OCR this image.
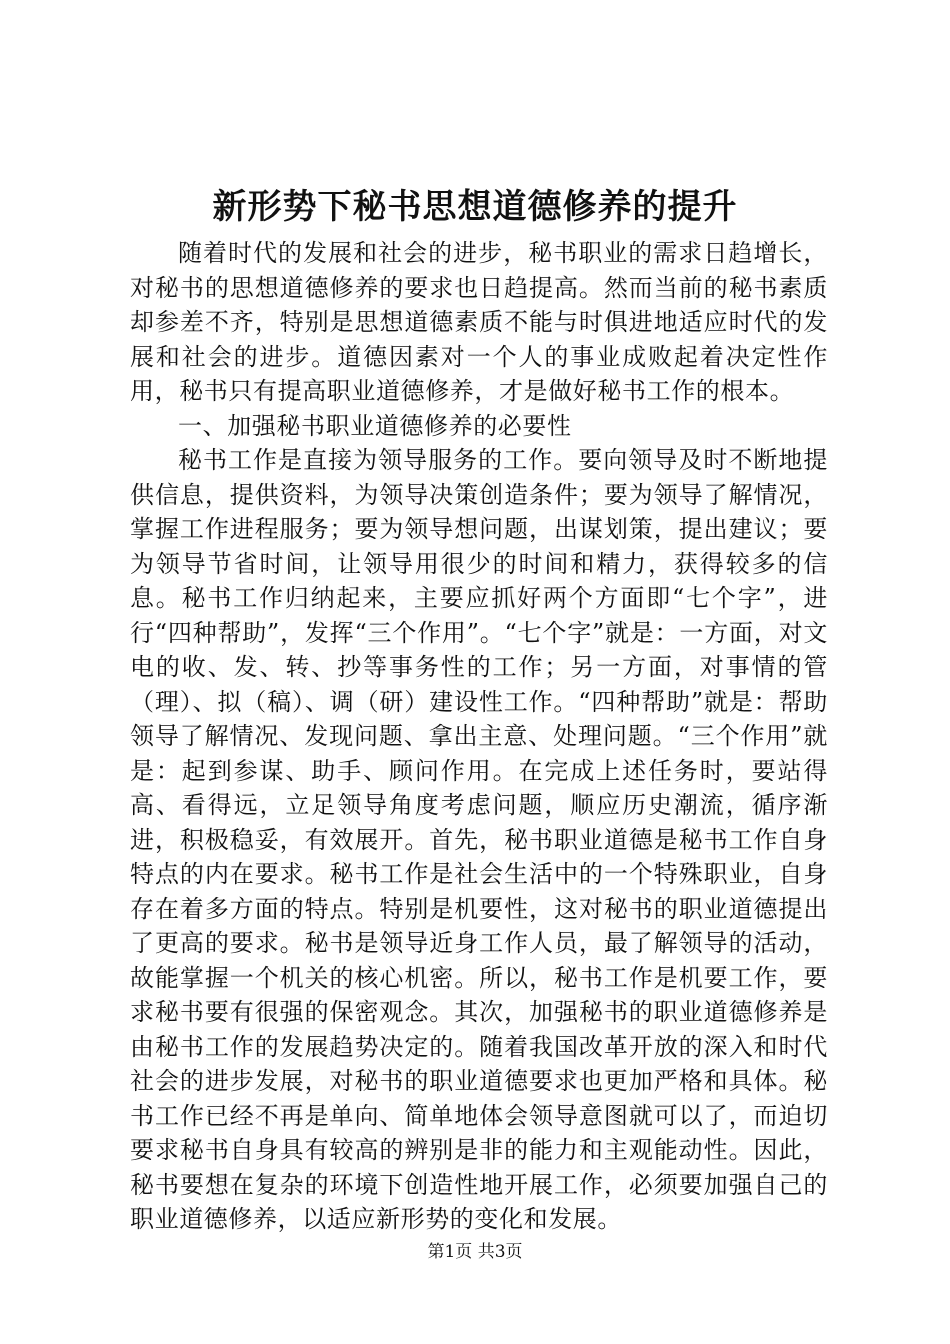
新形势下秘书思想道德修养的提升

随着时代的发展和社会的进步，秘书职业的需求日趋增长，对秘书的思想道德修养的要求也日趋提高。然而当前的秘书素质却参差不齐，特别是思想道德素质不能与时俱进地适应时代的发展和社会的进步。道德因素对一个人的事业成败起着决定性作用，秘书只有提高职业道德修养，才是做好秘书工作的根本。

一、加强秘书职业道德修养的必要性

秘书工作是直接为领导服务的工作。要向领导及时不断地提供信息，提供资料，为领导决策创造条件；要为领导了解情况，掌握工作进程服务；要为领导想问题，出谋划策，提出建议；要为领导节省时间，让领导用很少的时间和精力，获得较多的信息。秘书工作归纳起来，主要应抓好两个方面即“七个字”，进行“四种帮助”，发挥“三个作用”。“七个字”就是：一方面，对文电的收、发、转、抄等事务性的工作；另一方面，对事情的管（理）、拟（稿）、调（研）建设性工作。“四种帮助”就是：帮助领导了解情况、发现问题、拿出主意、处理问题。“三个作用”就是：起到参谋、助手、顾问作用。在完成上述任务时，要站得高、看得远，立足领导角度考虑问题，顺应历史潮流，循序渐进，积极稳妥，有效展开。首先，秘书职业道德是秘书工作自身特点的内在要求。秘书工作是社会生活中的一个特殊职业，自身存在着多方面的特点。特别是机要性，这对秘书的职业道德提出了更高的要求。秘书是领导近身工作人员，最了解领导的活动，故能掌握一个机关的核心机密。所以，秘书工作是机要工作，要求秘书要有很强的保密观念。其次，加强秘书的职业道德修养是由秘书工作的发展趋势决定的。随着我国改革开放的深入和时代社会的进步发展，对秘书的职业道德要求也更加严格和具体。秘书工作已经不再是单向、简单地体会领导意图就可以了，而迫切要求秘书自身具有较高的辨别是非的能力和主观能动性。因此，秘书要想在复杂的环境下创造性地开展工作，必须要加强自己的职业道德修养，以适应新形势的变化和发展。

第1页 共3页
